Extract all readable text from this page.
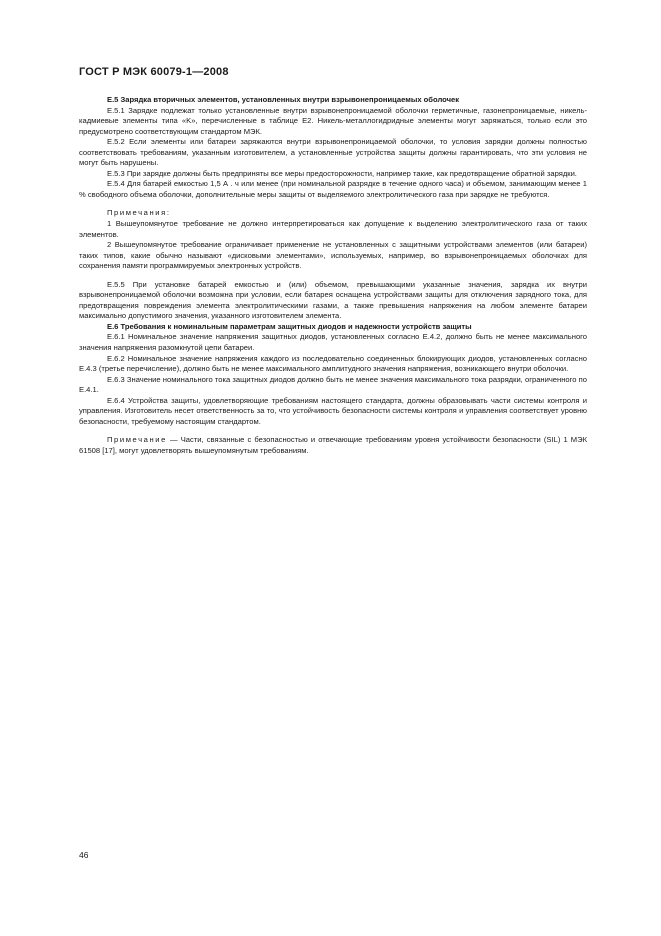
ГОСТ Р МЭК 60079-1—2008

E.5 Зарядка вторичных элементов, установленных внутри взрывонепроницаемых оболочек

E.5.1 Зарядке подлежат только установленные внутри взрывонепроницаемой оболочки герметичные, газонепроницаемые, никель-кадмиевые элементы типа «K», перечисленные в таблице E2. Никель-металлогидридные элементы могут заряжаться, только если это предусмотрено соответствующим стандартом МЭК.

E.5.2 Если элементы или батареи заряжаются внутри взрывонепроницаемой оболочки, то условия зарядки должны полностью соответствовать требованиям, указанным изготовителем, а установленные устройства защиты должны гарантировать, что эти условия не могут быть нарушены.

E.5.3 При зарядке должны быть предприняты все меры предосторожности, например такие, как предотвращение обратной зарядки.

E.5.4 Для батарей емкостью 1,5 А . ч или менее (при номинальной разрядке в течение одного часа) и объемом, занимающим менее 1 % свободного объема оболочки, дополнительные меры защиты от выделяемого электролитического газа при зарядке не требуются.

Примечания:

1 Вышеупомянутое требование не должно интерпретироваться как допущение к выделению электролитического газа от таких элементов.

2 Вышеупомянутое требование ограничивает применение не установленных с защитными устройствами элементов (или батареи) таких типов, какие обычно называют «дисковыми элементами», используемых, например, во взрывонепроницаемых оболочках для сохранения памяти программируемых электронных устройств.

E.5.5 При установке батарей емкостью и (или) объемом, превышающими указанные значения, зарядка их внутри взрывонепроницаемой оболочки возможна при условии, если батарея оснащена устройствами защиты для отключения зарядного тока, для предотвращения повреждения элемента электролитическими газами, а также превышения напряжения на любом элементе батареи максимально допустимого значения, указанного изготовителем элемента.

E.6 Требования к номинальным параметрам защитных диодов и надежности устройств защиты

E.6.1 Номинальное значение напряжения защитных диодов, установленных согласно E.4.2, должно быть не менее максимального значения напряжения разомкнутой цепи батареи.

E.6.2 Номинальное значение напряжения каждого из последовательно соединенных блокирующих диодов, установленных согласно E.4.3 (третье перечисление), должно быть не менее максимального амплитудного значения напряжения, возникающего внутри оболочки.

E.6.3 Значение номинального тока защитных диодов должно быть не менее значения максимального тока разрядки, ограниченного по E.4.1.

E.6.4 Устройства защиты, удовлетворяющие требованиям настоящего стандарта, должны образовывать части системы контроля и управления. Изготовитель несет ответственность за то, что устойчивость безопасности системы контроля и управления соответствует уровню безопасности, требуемому настоящим стандартом.

Примечание — Части, связанные с безопасностью и отвечающие требованиям уровня устойчивости безопасности (SIL) 1 МЭК 61508 [17], могут удовлетворять вышеупомянутым требованиям.

46
